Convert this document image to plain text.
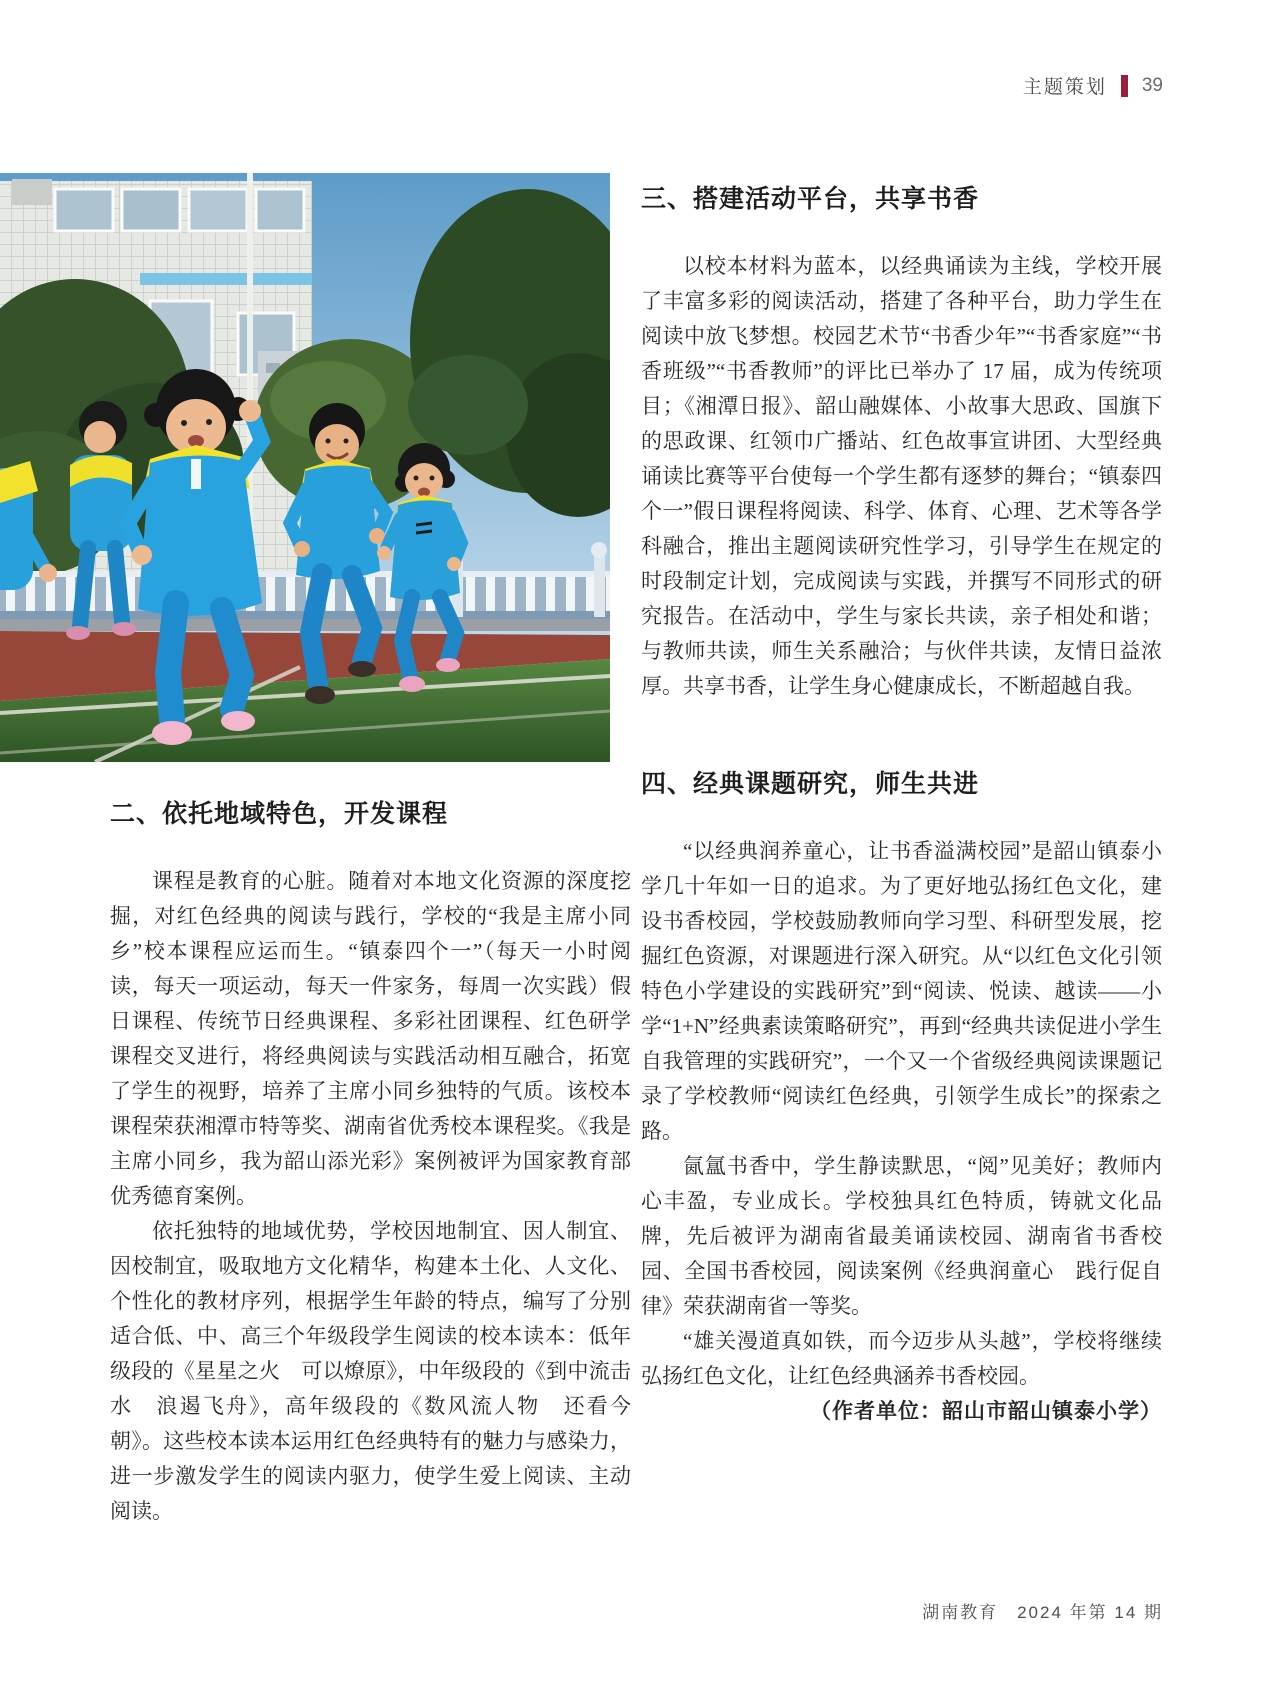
主题策划 39
二、依托地域特色，开发课程

课程是教育的心脏。随着对本地文化资源的深度挖掘，对红色经典的阅读与践行，学校的“我是主席小同乡”校本课程应运而生。“镇泰四个一”（每天一小时阅读，每天一项运动，每天一件家务，每周一次实践）假日课程、传统节日经典课程、多彩社团课程、红色研学课程交叉进行，将经典阅读与实践活动相互融合，拓宽了学生的视野，培养了主席小同乡独特的气质。该校本课程荣获湘潭市特等奖、湖南省优秀校本课程奖。《我是主席小同乡，我为韶山添光彩》案例被评为国家教育部优秀德育案例。

依托独特的地域优势，学校因地制宜、因人制宜、因校制宜，吸取地方文化精华，构建本土化、人文化、个性化的教材序列，根据学生年龄的特点，编写了分别适合低、中、高三个年级段学生阅读的校本读本：低年级段的《星星之火　可以燎原》，中年级段的《到中流击水　浪遏飞舟》，高年级段的《数风流人物　还看今朝》。这些校本读本运用红色经典特有的魅力与感染力，进一步激发学生的阅读内驱力，使学生爱上阅读、主动阅读。

三、搭建活动平台，共享书香

以校本材料为蓝本，以经典诵读为主线，学校开展了丰富多彩的阅读活动，搭建了各种平台，助力学生在阅读中放飞梦想。校园艺术节“书香少年”“书香家庭”“书香班级”“书香教师”的评比已举办了 17 届，成为传统项目；《湘潭日报》、韶山融媒体、小故事大思政、国旗下的思政课、红领巾广播站、红色故事宣讲团、大型经典诵读比赛等平台使每一个学生都有逐梦的舞台；“镇泰四个一”假日课程将阅读、科学、体育、心理、艺术等各学科融合，推出主题阅读研究性学习，引导学生在规定的时段制定计划，完成阅读与实践，并撰写不同形式的研究报告。在活动中，学生与家长共读，亲子相处和谐；与教师共读，师生关系融洽；与伙伴共读，友情日益浓厚。共享书香，让学生身心健康成长，不断超越自我。

四、经典课题研究，师生共进

“以经典润养童心，让书香溢满校园”是韶山镇泰小学几十年如一日的追求。为了更好地弘扬红色文化，建设书香校园，学校鼓励教师向学习型、科研型发展，挖掘红色资源，对课题进行深入研究。从“以红色文化引领特色小学建设的实践研究”到“阅读、悦读、越读——小学“1+N”经典素读策略研究”，再到“经典共读促进小学生自我管理的实践研究”，一个又一个省级经典阅读课题记录了学校教师“阅读红色经典，引领学生成长”的探索之路。

氤氲书香中，学生静读默思，“阅”见美好；教师内心丰盈，专业成长。学校独具红色特质，铸就文化品牌，先后被评为湖南省最美诵读校园、湖南省书香校园、全国书香校园，阅读案例《经典润童心　践行促自律》荣获湖南省一等奖。

“雄关漫道真如铁，而今迈步从头越”，学校将继续弘扬红色文化，让红色经典涵养书香校园。

（作者单位：韶山市韶山镇泰小学）

湖南教育　2024 年第 14 期
